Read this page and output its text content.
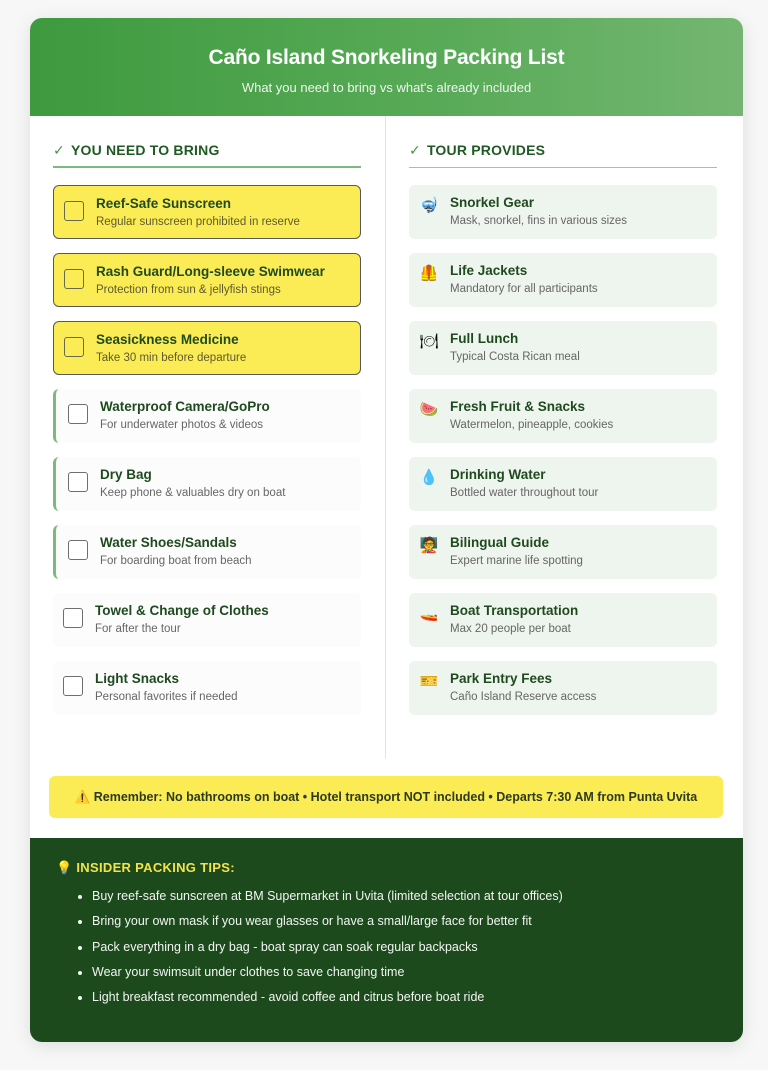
Caño Island Snorkeling Packing List

What you need to bring vs what's already included

✓ YOU NEED TO BRING
Reef-Safe Sunscreen
Regular sunscreen prohibited in reserve
Rash Guard/Long-sleeve Swimwear
Protection from sun & jellyfish stings
Seasickness Medicine
Take 30 min before departure
Waterproof Camera/GoPro
For underwater photos & videos
Dry Bag
Keep phone & valuables dry on boat
Water Shoes/Sandals
For boarding boat from beach
Towel & Change of Clothes
For after the tour
Light Snacks
Personal favorites if needed
✓ TOUR PROVIDES
🤿 Snorkel Gear
Mask, snorkel, fins in various sizes
🦺 Life Jackets
Mandatory for all participants
🍽 Full Lunch
Typical Costa Rican meal
🍉 Fresh Fruit & Snacks
Watermelon, pineapple, cookies
💧 Drinking Water
Bottled water throughout tour
🧑‍🏫 Bilingual Guide
Expert marine life spotting
🚤 Boat Transportation
Max 20 people per boat
🎫 Park Entry Fees
Caño Island Reserve access
⚠️ Remember: No bathrooms on boat • Hotel transport NOT included • Departs 7:30 AM from Punta Uvita
💡 INSIDER PACKING TIPS:
• Buy reef-safe sunscreen at BM Supermarket in Uvita (limited selection at tour offices)
• Bring your own mask if you wear glasses or have a small/large face for better fit
• Pack everything in a dry bag - boat spray can soak regular backpacks
• Wear your swimsuit under clothes to save changing time
• Light breakfast recommended - avoid coffee and citrus before boat ride
